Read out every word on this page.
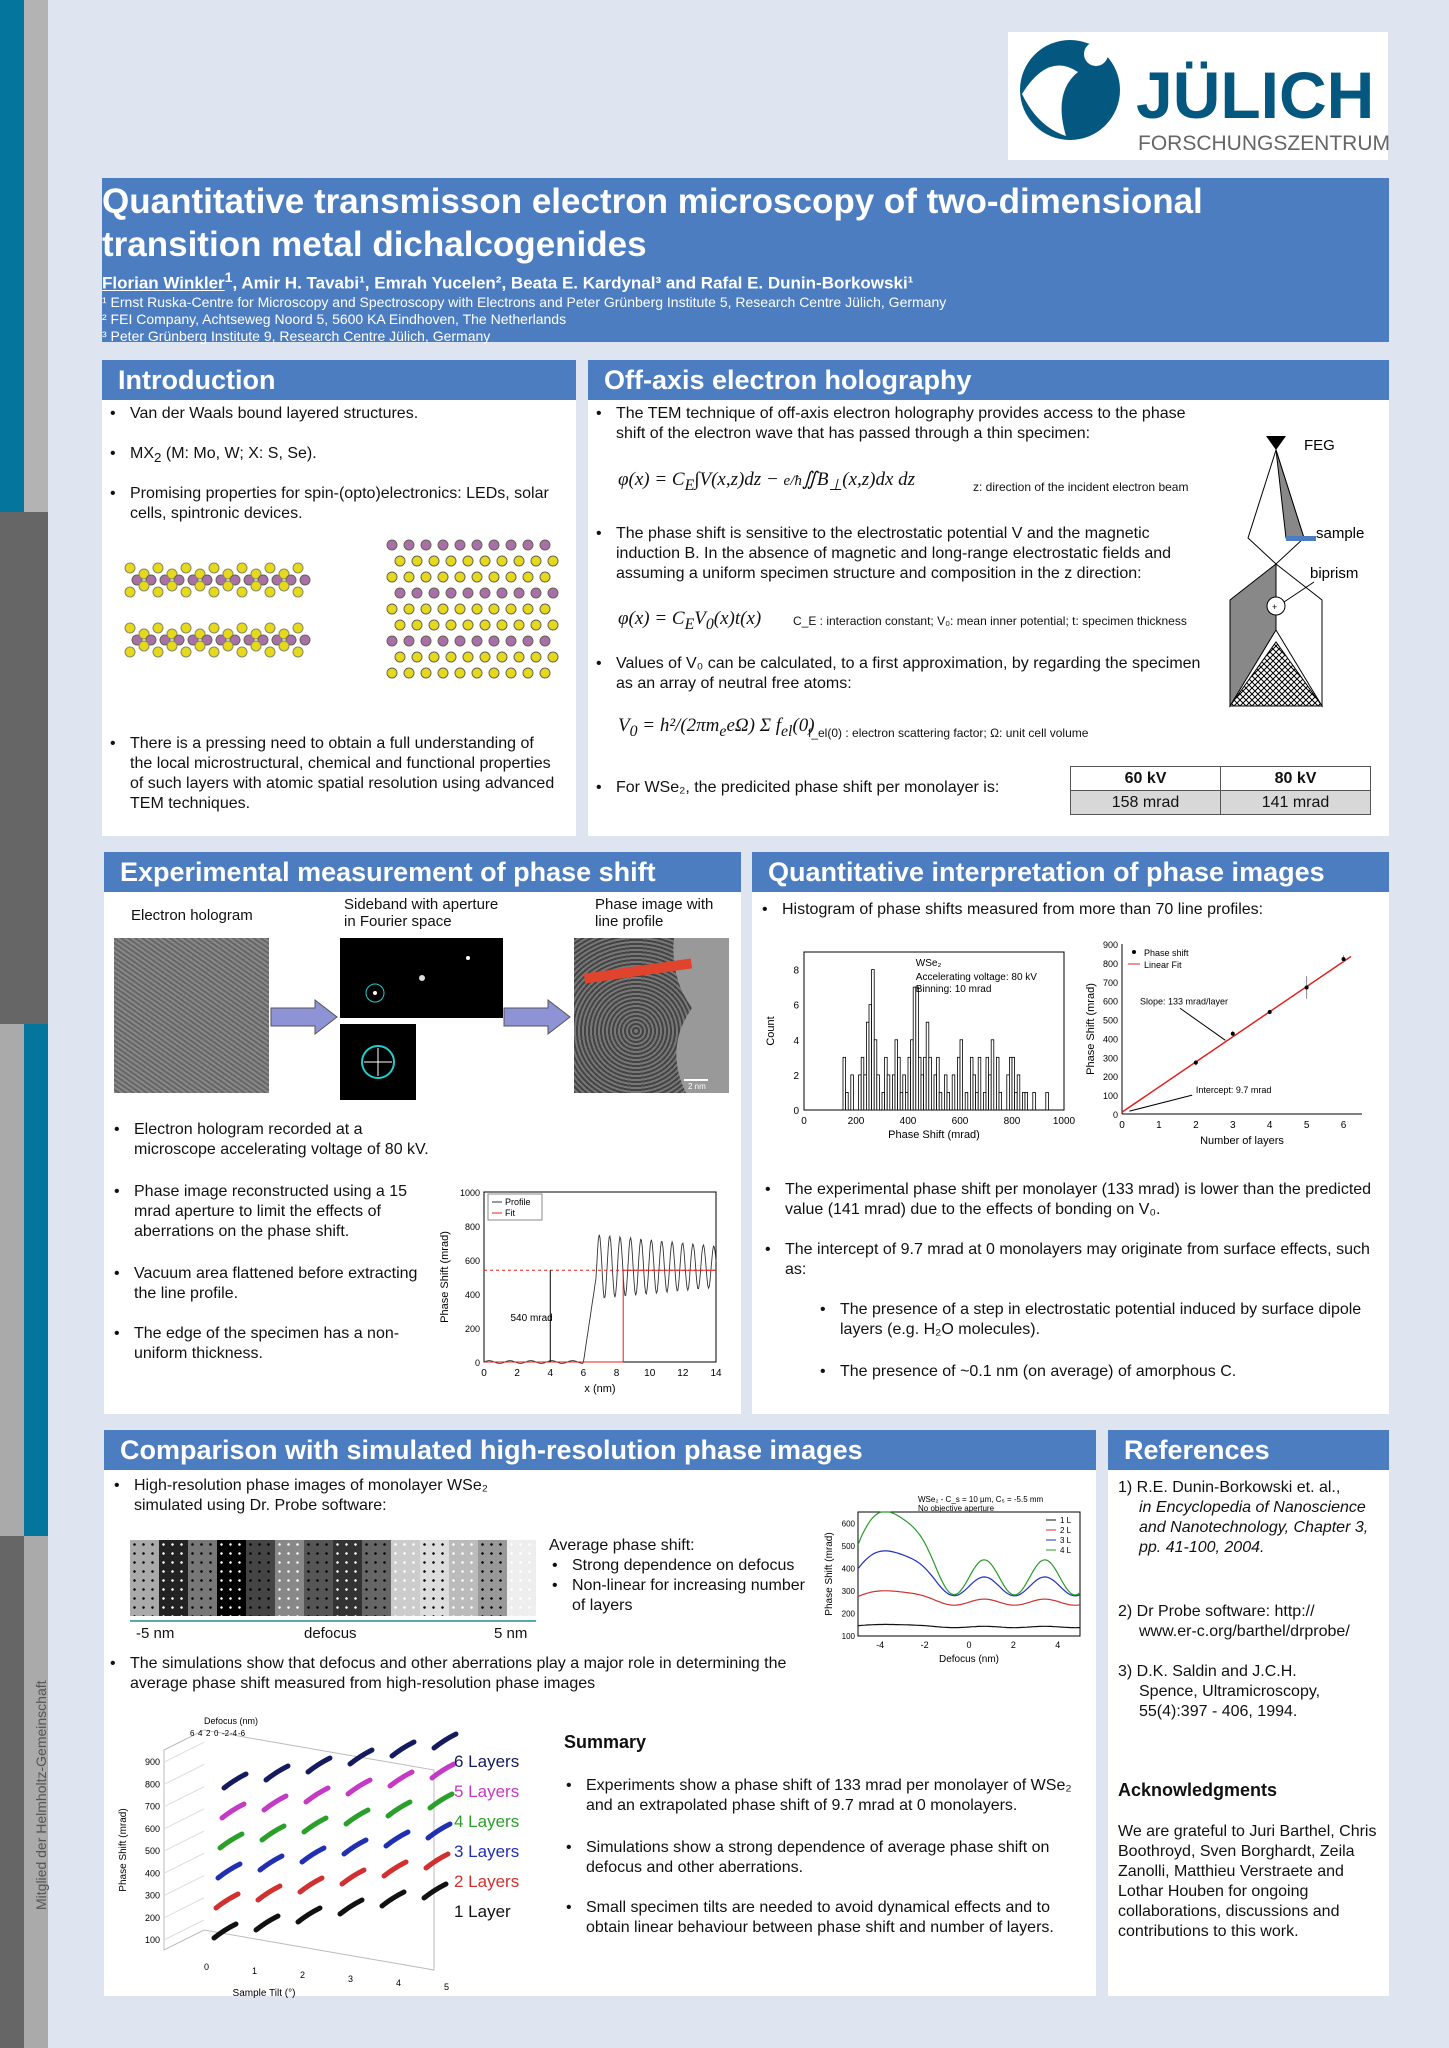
Mitglied der Helmholtz-Gemeinschaft
JÜLICH
FORSCHUNGSZENTRUM
Quantitative transmisson electron microscopy of two-dimensional
transition metal dichalcogenides
Florian Winkler$^1$, Amir H. Tavabi¹, Emrah Yucelen², Beata E. Kardynal³ and Rafal E. Dunin-Borkowski¹
¹ Ernst Ruska-Centre for Microscopy and Spectroscopy with Electrons and Peter Grünberg Institute 5, Research Centre Jülich, Germany
² FEI Company, Achtseweg Noord 5, 5600 KA Eindhoven, The Netherlands
³ Peter Grünberg Institute 9, Research Centre Jülich, Germany
Introduction
• Van der Waals bound layered structures.
• $MX_2$ (M: Mo, W; X: S, Se).
• Promising properties for spin-(opto)electronics: LEDs, solar cells, spintronic devices.
• There is a pressing need to obtain a full understanding of the local microstructural, chemical and functional properties of such layers with atomic spatial resolution using advanced TEM techniques.
Off-axis electron holography
• The TEM technique of off-axis electron holography provides access to the phase shift of the electron wave that has passed through a thin specimen:
$\varphi(x) = C_E\int V(x,z)dz$ − $e/ħ∬B_\perp(x,z)dx$ dz	z: direction of the incident electron beam
• The phase shift is sensitive to the electrostatic potential V and the magnetic induction B. In the absence of magnetic and long-range electrostatic fields and assuming a uniform specimen structure and composition in the z direction:
$\varphi(x) = C_EV_0(x)t(x)$	C_E : interaction constant; V₀: mean inner potential; t: specimen thickness
• Values of V₀ can be calculated, to a first approximation, by regarding the specimen as an array of neutral free atoms:
$V_0 = h^2/(2\pi m_ee\Omega)$ Σ $f_{el}(0)$
f_el(0) : electron scattering factor; Ω: unit cell volume
• For WSe₂, the predicited phase shift per monolayer is:
60 kV	80 kV
158 mrad	141 mrad
FEG
sample
+
biprism
Experimental measurement of phase shift
Electron hologram
Sideband with aperture
in Fourier space
Phase image with
line profile
2 nm
• Electron hologram recorded at a microscope accelerating voltage of 80 kV.
• Phase image reconstructed using a 15 mrad aperture to limit the effects of aberrations on the phase shift.
• Vacuum area flattened before extracting the line profile.
• The edge of the specimen has a non-uniform thickness.
540 mrad
0	2	4	6	8 10 12 14
0
200
400
600
800
1000
x (nm)
Phase Shift (mrad)
Profile
Fit
Quantitative interpretation of phase images
• Histogram of phase shifts measured from more than 70 line profiles:
0	200	400	600	800	1000
0
2
4
6
8
Phase Shift (mrad)
Count
WSe₂
Accelerating voltage: 80 kV
Binning: 10 mrad
0	1	2	3	4	5	6
0
100
200
300
400
500
600
700
800
900
Number of layers
Phase Shift (mrad)
Phase shift
Linear Fit
Slope: 133 mrad/layer
Intercept: 9.7 mrad
• The experimental phase shift per monolayer (133 mrad) is lower than the predicted value (141 mrad) due to the effects of bonding on V₀.
• The intercept of 9.7 mrad at 0 monolayers may originate from surface effects, such as:
• The presence of a step in electrostatic potential induced by surface dipole layers (e.g. H₂O molecules).
• The presence of ~0.1 nm (on average) of amorphous C.
Comparison with simulated high-resolution phase images
• High-resolution phase images of monolayer WSe₂ simulated using Dr. Probe software:
-5 nm	defocus	5 nm
Average phase shift:
• Strong dependence on defocus
• Non-linear for increasing number of layers
1 L
2 L
3 L
4 L
-4	-2	0	2	4
100
200
300
400
500
600
Defocus (nm)
Phase Shift (mrad)
WSe₂ - C_s = 10 µm, C₅ = -5.5 mm
No objective aperture
• The simulations show that defocus and other aberrations play a major role in determining the average phase shift measured from high-resolution phase images
100
200
300
400
500
600
700
800
900
0	1	2	3	4	5
6 4 2 0 -2 -4 -6
Defocus (nm)
Sample Tilt (°)
Phase Shift (mrad)
6 Layers
5 Layers
4 Layers
3 Layers
2 Layers
1 Layer
Summary
• Experiments show a phase shift of 133 mrad per monolayer of WSe₂ and an extrapolated phase shift of 9.7 mrad at 0 monolayers.
• Simulations show a strong dependence of average phase shift on defocus and other aberrations.
• Small specimen tilts are needed to avoid dynamical effects and to obtain linear behaviour between phase shift and number of layers.
References
1) R.E. Dunin-Borkowski et. al.,
in Encyclopedia of Nanoscience and Nanotechnology, Chapter 3, pp. 41-100, 2004.
2) Dr Probe software: http://
www.er-c.org/barthel/drprobe/
3) D.K. Saldin and J.C.H.
Spence, Ultramicroscopy, 55(4):397 - 406, 1994.
Acknowledgments
We are grateful to Juri Barthel, Chris Boothroyd, Sven Borghardt, Zeila Zanolli, Matthieu Verstraete and Lothar Houben for ongoing collaborations, discussions and contributions to this work.
